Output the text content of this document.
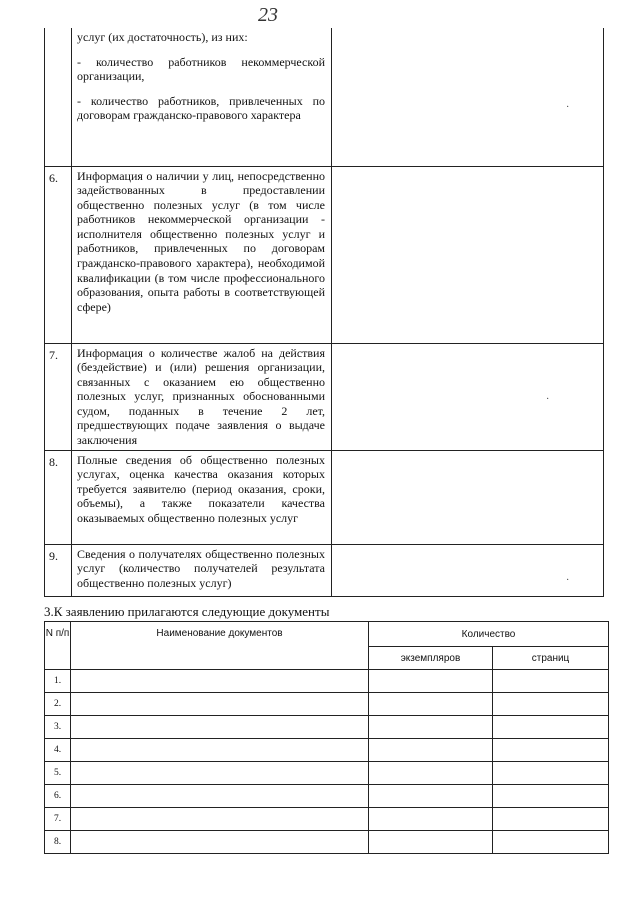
23

	услуг (их достаточность), из них:

- количество работников некоммерческой организации,

- количество работников, привлеченных по договорам гражданско-правового характера	·

6.	Информация о наличии у лиц, непосредственно задействованных в предоставлении общественно полезных услуг (в том числе работников некоммерческой организации - исполнителя общественно полезных услуг и работников, привлеченных по договорам гражданско-правового характера), необходимой квалификации (в том числе профессионального образования, опыта работы в соответствующей сфере)	

7.	Информация о количестве жалоб на действия (бездействие) и (или) решения организации, связанных с оказанием ею общественно полезных услуг, признанных обоснованными судом, поданных в течение 2 лет, предшествующих подаче заявления о выдаче заключения	·

8.	Полные сведения об общественно полезных услугах, оценка качества оказания которых требуется заявителю (период оказания, сроки, объемы), а также показатели качества оказываемых общественно полезных услуг	

9.	Сведения о получателях общественно полезных услуг (количество получателей результата общественно полезных услуг)	·
3.К заявлению прилагаются следующие документы
N п/п	Наименование документов	Количество	
		экземпляров	страниц
1.			
2.			
3.			
4.			
5.			
6.			
7.			
8.			
